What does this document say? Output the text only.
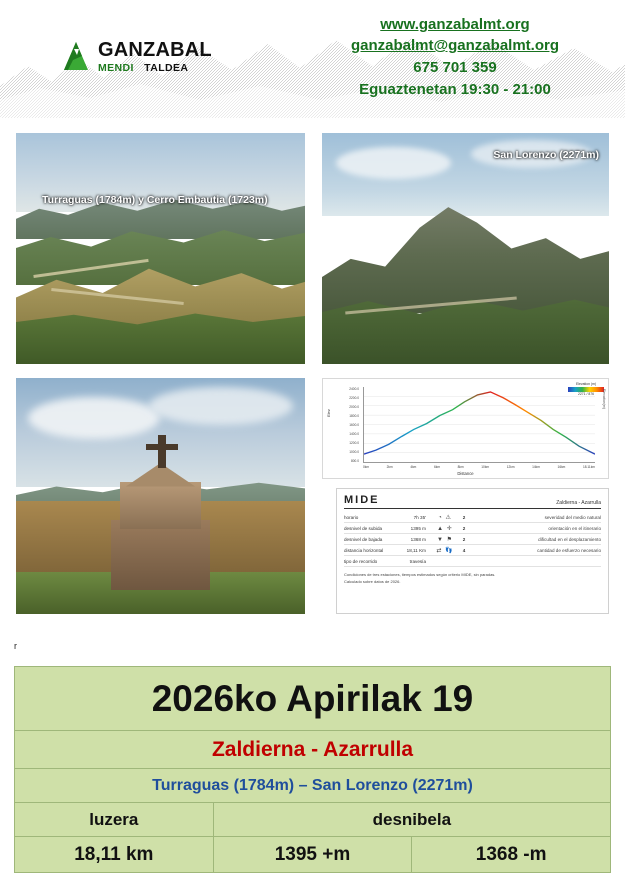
GANZABAL
MENDI TALDEA
www.ganzabalmt.org
ganzabalmt@ganzabalmt.org
675 701 359
Eguaztenetan 19:30 - 21:00
Turraguas (1784m) y Cerro Embautia (1723m)
San Lorenzo (2271m)
Elevation (m)
2271 / 876
Elev
Elevation(m)
2400.0
2200.0
2000.0
1800.0
1600.0
1400.0
1200.0
1000.0
800.0
0km	2km	4km	6km	8km	10km	12km	14km	16km	18.11km
Distance
MIDE	Zaldierna - Azarrulla
horario	7h 35'	◔ ⚠	2	severidad del medio natural
desnivel de subida	1395 m	▲ ✛	2	orientación en el itinerario
desnivel de bajada	1368 m	▼ ⚑	2	dificultad en el desplazamiento
distancia horizontal	18,11 Km	⇄ 👣	4	cantidad de esfuerzo necesario
tipo de recorrido	travesía
Condiciones de tres estaciones, tiempos estimados según criterio MIDE, sin paradas.
Calculado sobre datos de 2026.
r
2026ko Apirilak 19		
Zaldierna - Azarrulla		
Turraguas (1784m) – San Lorenzo (2271m)		
luzera	desnibela	
18,11 km	1395 +m	1368 -m
